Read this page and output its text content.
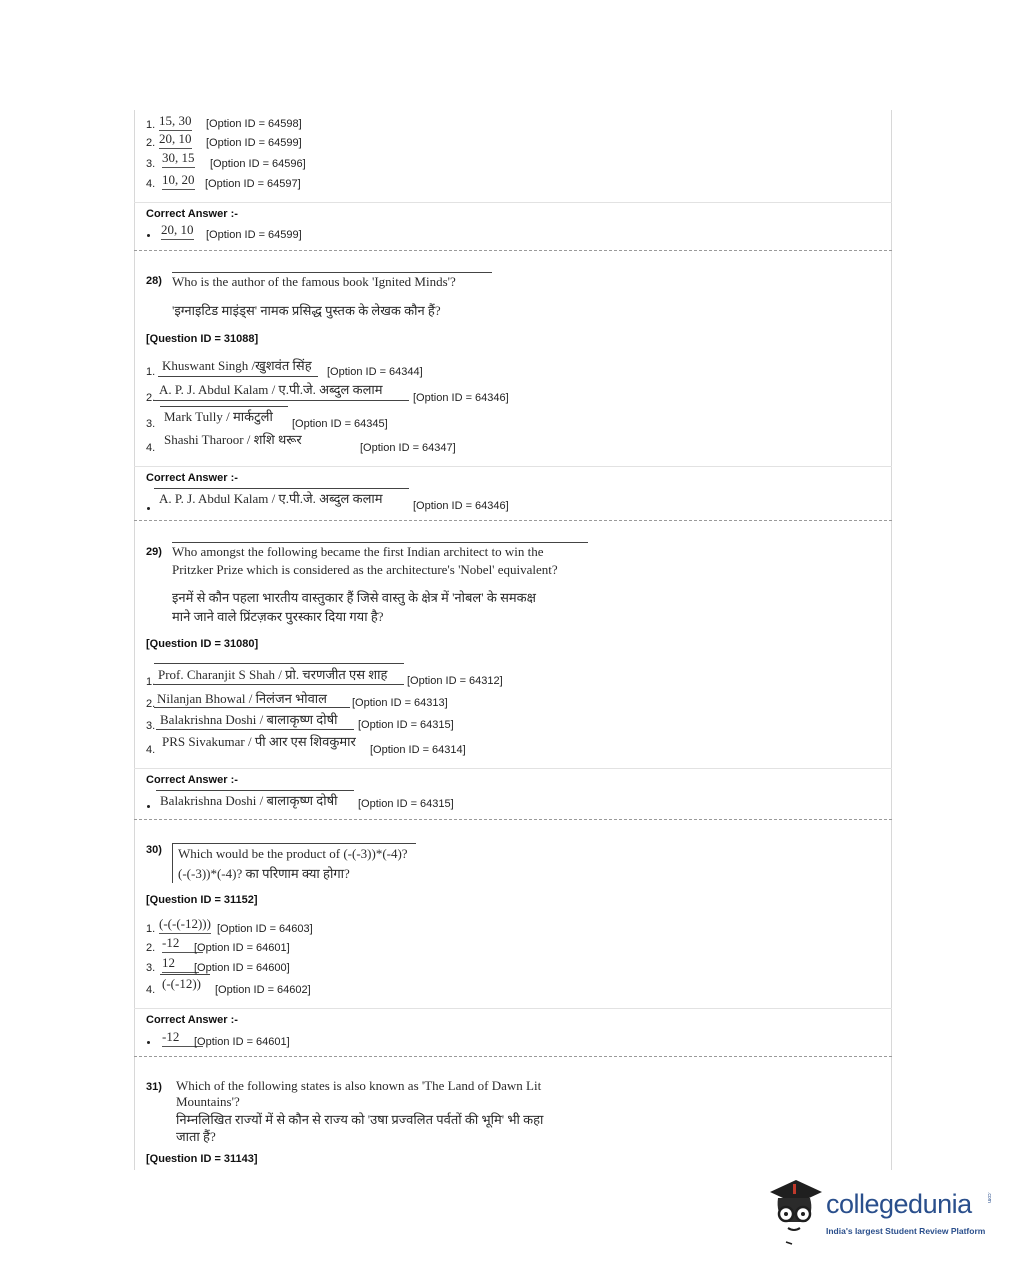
1. 15, 30 [Option ID = 64598]
2. 20, 10 [Option ID = 64599]
3. 30, 15 [Option ID = 64596]
4. 10, 20 [Option ID = 64597]
Correct Answer :-
20, 10 [Option ID = 64599]
28) Who is the author of the famous book 'Ignited Minds'?
'इग्नाइटिड माइंड्स' नामक प्रसिद्ध पुस्तक के लेखक कौन हैं?
[Question ID = 31088]
1. Khuswant Singh /खुशवंत सिंह [Option ID = 64344]
2.
A. P. J. Abdul Kalam / ए.पी.जे. अब्दुल कलाम
[Option ID = 64346]
3. Mark Tully / मार्कटुली [Option ID = 64345]
4.
Shashi Tharoor / शशि थरूर
[Option ID = 64347]
Correct Answer :-
A. P. J. Abdul Kalam / ए.पी.जे. अब्दुल कलाम	[Option ID = 64346]
29) Who amongst the following became the first Indian architect to win the
Pritzker Prize which is considered as the architecture's 'Nobel' equivalent?
इनमें से कौन पहला भारतीय वास्तुकार हैं जिसे वास्तु के क्षेत्र में 'नोबल' के समकक्ष
माने जाने वाले प्रिंटज़कर पुरस्कार दिया गया है?
[Question ID = 31080]
1. Prof. Charanjit S Shah / प्रो. चरणजीत एस शाह [Option ID = 64312]
2. Nilanjan Bhowal / निलंजन भोवाल [Option ID = 64313]
3. Balakrishna Doshi / बालाकृष्ण दोषी [Option ID = 64315]
4.
PRS Sivakumar / पी आर एस शिवकुमार
[Option ID = 64314]
Correct Answer :-
Balakrishna Doshi / बालाकृष्ण दोषी [Option ID = 64315]
30) Which would be the product of (-(-3))*(-4)?
(-(-3))*(-4)? का परिणाम क्या होगा?
[Question ID = 31152]
1. (-(-(-12))) [Option ID = 64603]
2. -12	[Option ID = 64601]
3. 12	[Option ID = 64600]
4. (-(-12)) [Option ID = 64602]
Correct Answer :-
-12	[Option ID = 64601]
31) Which of the following states is also known as 'The Land of Dawn Lit
Mountains'?
निम्नलिखित राज्यों में से कौन से राज्य को 'उषा प्रज्वलित पर्वतों की भूमि' भी कहा
जाता हैं?
[Question ID = 31143]
collegedunia	.com
India's largest Student Review Platform
